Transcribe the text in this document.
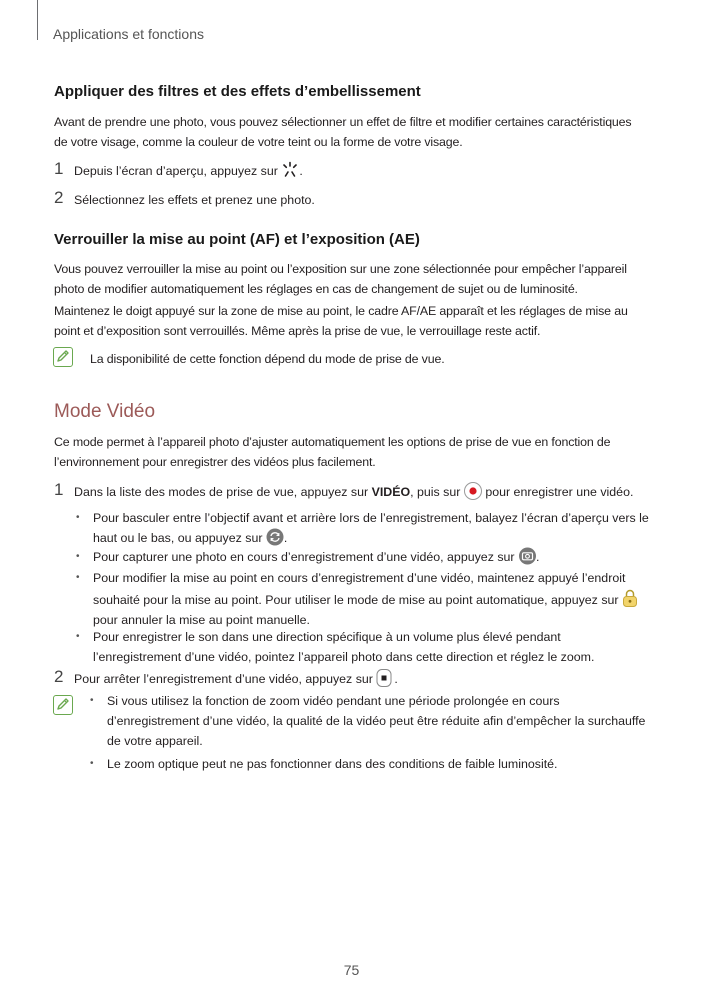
Applications et fonctions
Appliquer des filtres et des effets d’embellissement
Avant de prendre une photo, vous pouvez sélectionner un effet de filtre et modifier certaines caractéristiques
de votre visage, comme la couleur de votre teint ou la forme de votre visage.
1 Depuis l’écran d’aperçu, appuyez sur .
2 Sélectionnez les effets et prenez une photo.
Verrouiller la mise au point (AF) et l’exposition (AE)
Vous pouvez verrouiller la mise au point ou l’exposition sur une zone sélectionnée pour empêcher l’appareil
photo de modifier automatiquement les réglages en cas de changement de sujet ou de luminosité.
Maintenez le doigt appuyé sur la zone de mise au point, le cadre AF/AE apparaît et les réglages de mise au
point et d’exposition sont verrouillés. Même après la prise de vue, le verrouillage reste actif.
La disponibilité de cette fonction dépend du mode de prise de vue.
Mode Vidéo
Ce mode permet à l’appareil photo d’ajuster automatiquement les options de prise de vue en fonction de
l’environnement pour enregistrer des vidéos plus facilement.
1 Dans la liste des modes de prise de vue, appuyez sur VIDÉO, puis sur pour enregistrer une vidéo.
• Pour basculer entre l’objectif avant et arrière lors de l’enregistrement, balayez l’écran d’aperçu vers le
haut ou le bas, ou appuyez sur .
• Pour capturer une photo en cours d’enregistrement d’une vidéo, appuyez sur .
• Pour modifier la mise au point en cours d’enregistrement d’une vidéo, maintenez appuyé l’endroit
souhaité pour la mise au point. Pour utiliser le mode de mise au point automatique, appuyez sur
pour annuler la mise au point manuelle.
• Pour enregistrer le son dans une direction spécifique à un volume plus élevé pendant
l’enregistrement d’une vidéo, pointez l’appareil photo dans cette direction et réglez le zoom.
2 Pour arrêter l’enregistrement d’une vidéo, appuyez sur .
• Si vous utilisez la fonction de zoom vidéo pendant une période prolongée en cours
d’enregistrement d’une vidéo, la qualité de la vidéo peut être réduite afin d’empêcher la surchauffe
de votre appareil.
• Le zoom optique peut ne pas fonctionner dans des conditions de faible luminosité.
75
